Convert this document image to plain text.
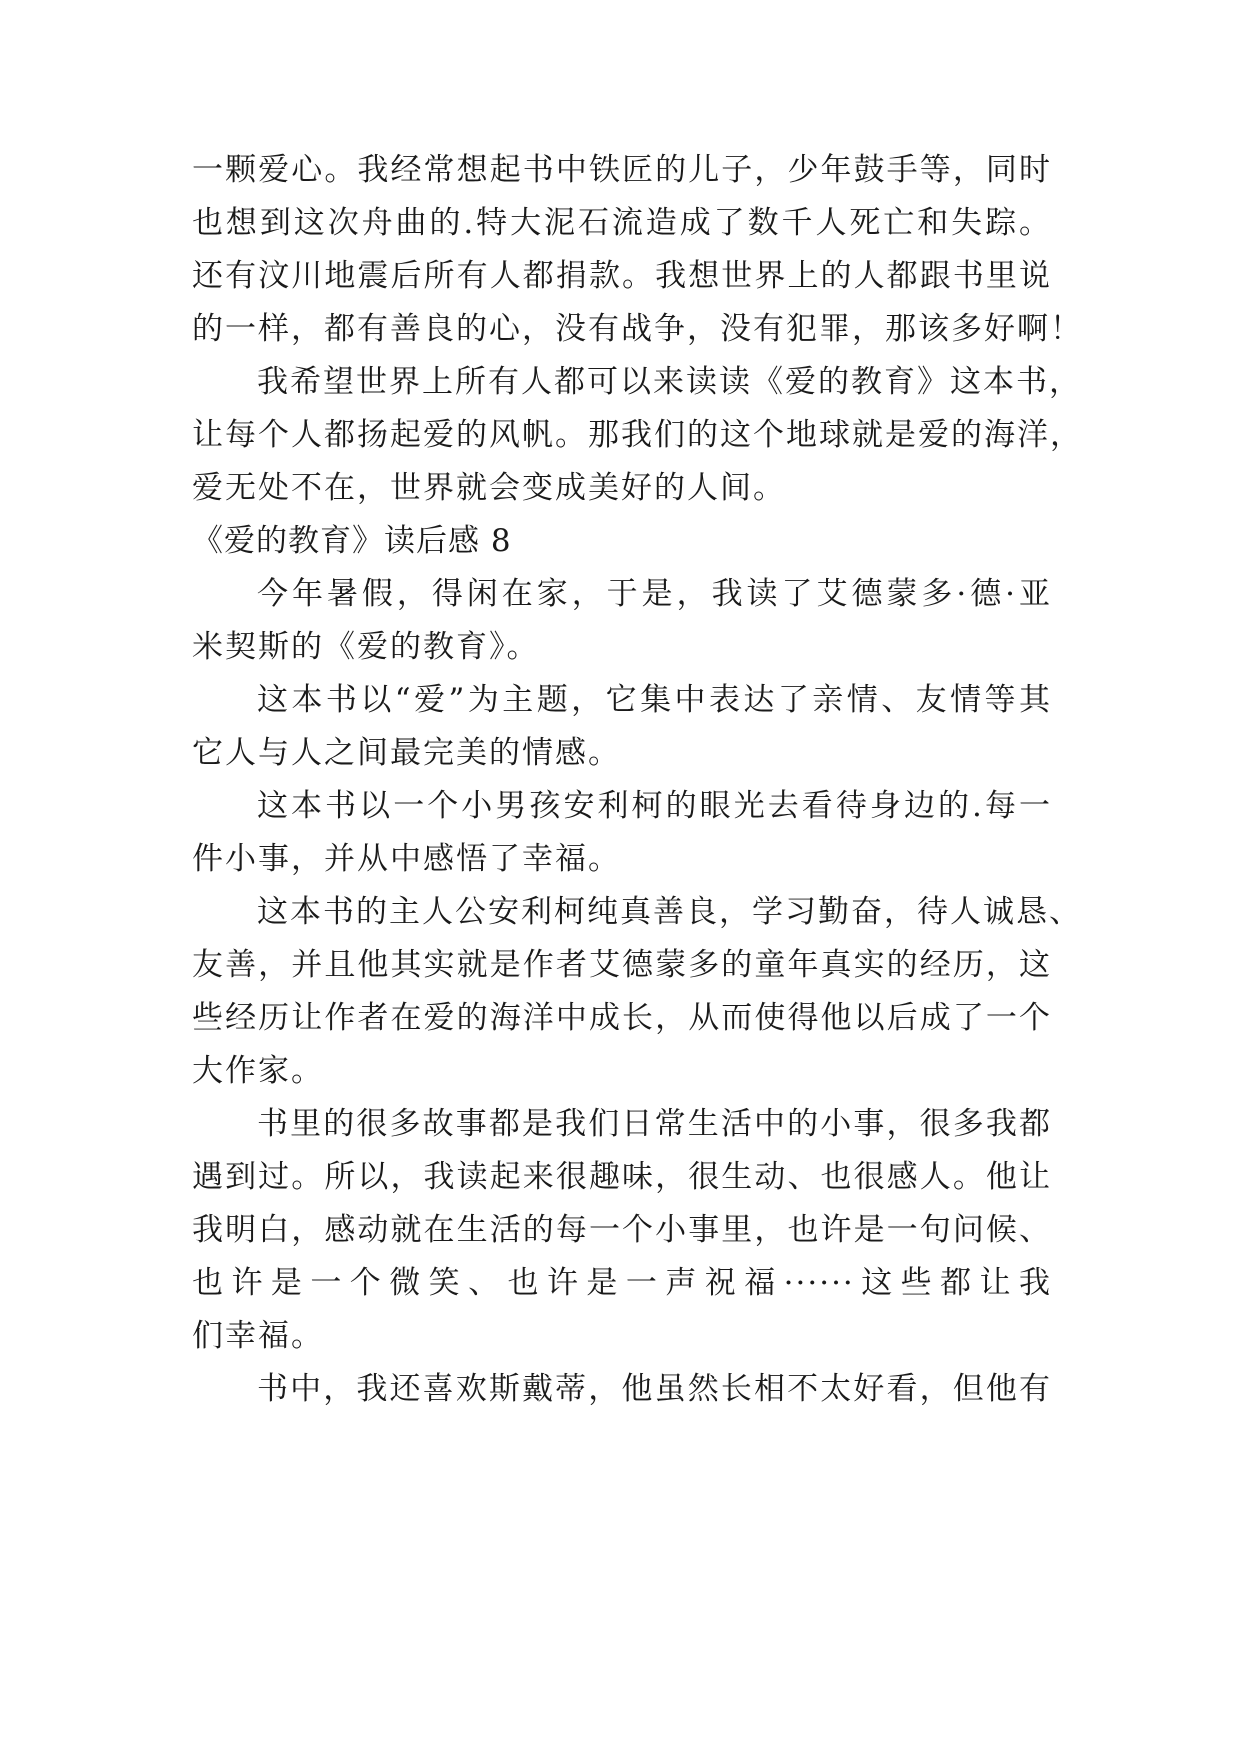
一颗爱心。我经常想起书中铁匠的儿子，少年鼓手等，同时
也想到这次舟曲的.特大泥石流造成了数千人死亡和失踪。
还有汶川地震后所有人都捐款。我想世界上的人都跟书里说
的一样，都有善良的心，没有战争，没有犯罪，那该多好啊！
我希望世界上所有人都可以来读读《爱的教育》这本书，
让每个人都扬起爱的风帆。那我们的这个地球就是爱的海洋，
爱无处不在，世界就会变成美好的人间。
《爱的教育》读后感 8
今年暑假，得闲在家，于是，我读了艾德蒙多·德·亚
米契斯的《爱的教育》。
这本书以“爱”为主题，它集中表达了亲情、友情等其
它人与人之间最完美的情感。
这本书以一个小男孩安利柯的眼光去看待身边的.每一
件小事，并从中感悟了幸福。
这本书的主人公安利柯纯真善良，学习勤奋，待人诚恳、
友善，并且他其实就是作者艾德蒙多的童年真实的经历，这
些经历让作者在爱的海洋中成长，从而使得他以后成了一个
大作家。
书里的很多故事都是我们日常生活中的小事，很多我都
遇到过。所以，我读起来很趣味，很生动、也很感人。他让
我明白，感动就在生活的每一个小事里，也许是一句问候、
也许是一个微笑、也许是一声祝福······这些都让我
们幸福。
书中，我还喜欢斯戴蒂，他虽然长相不太好看，但他有
